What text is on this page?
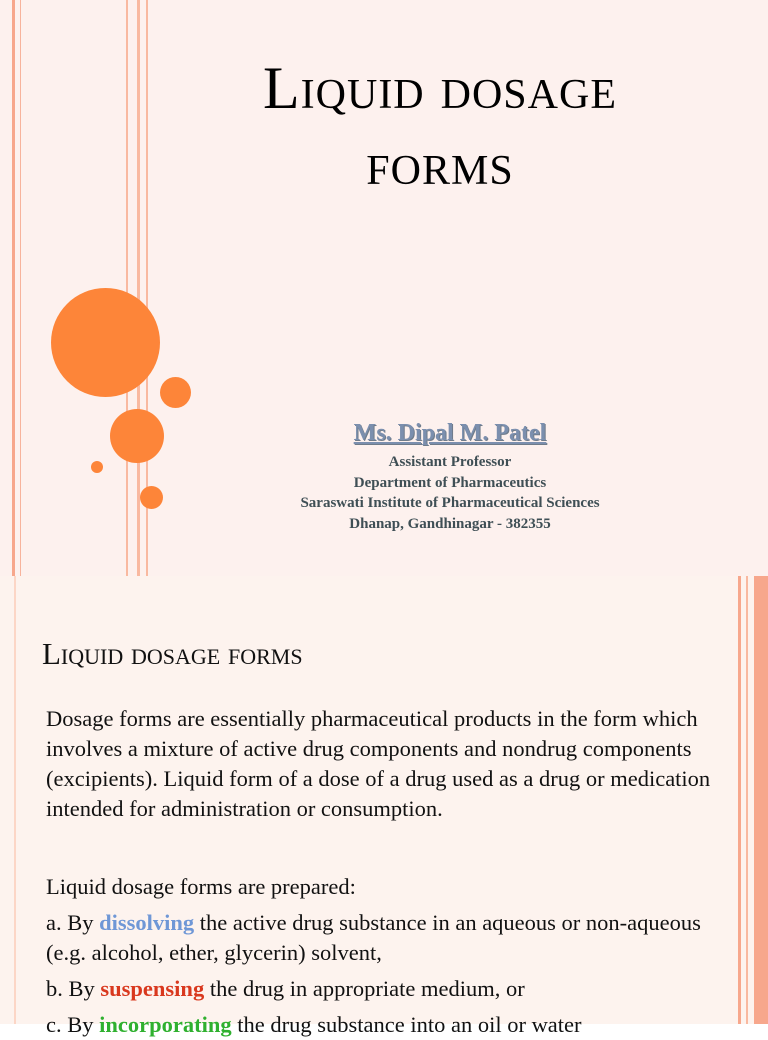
Liquid dosage
forms
Ms. Dipal M. Patel
Assistant Professor
Department of Pharmaceutics
Saraswati Institute of Pharmaceutical Sciences
Dhanap, Gandhinagar - 382355
Liquid dosage forms
Dosage forms are essentially pharmaceutical products in the form which involves a mixture of active drug components and nondrug components (excipients). Liquid form of a dose of a drug used as a drug or medication intended for administration or consumption.

Liquid dosage forms are prepared:

a. By dissolving the active drug substance in an aqueous or non-aqueous (e.g. alcohol, ether, glycerin) solvent,

b. By suspensing the drug in appropriate medium, or

c. By incorporating the drug substance into an oil or water
